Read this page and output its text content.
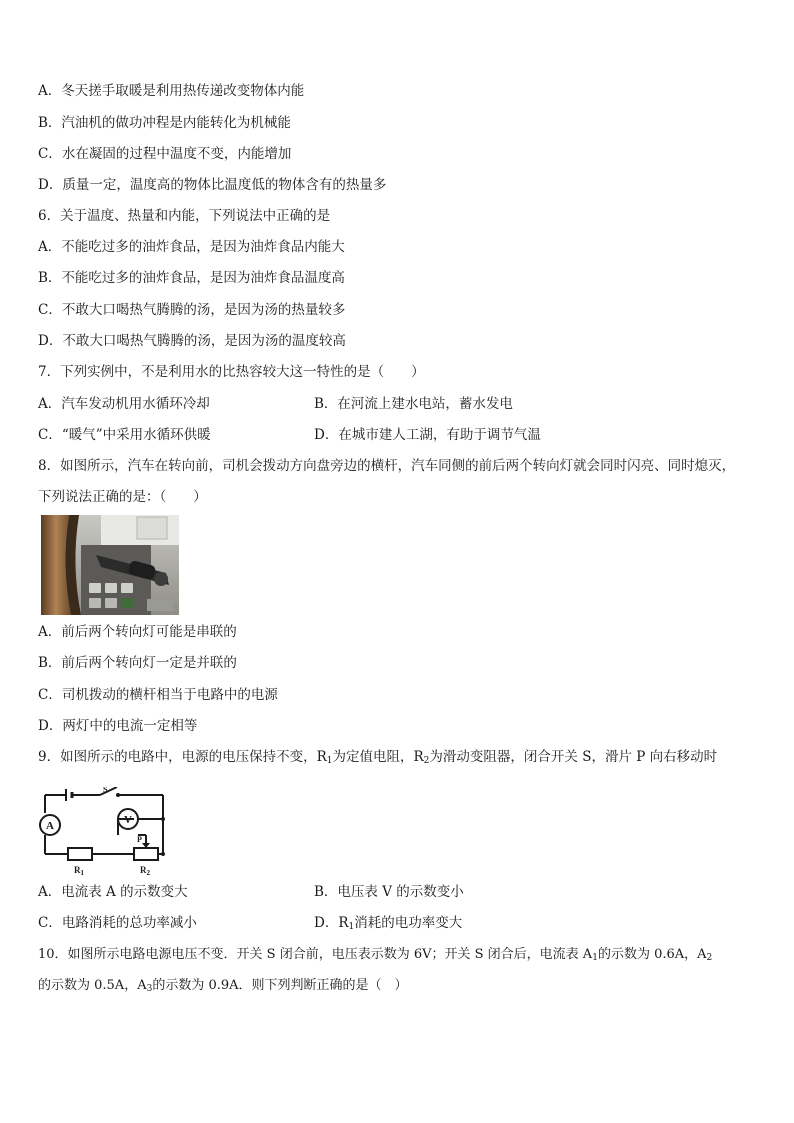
A．冬天搓手取暖是利用热传递改变物体内能
B．汽油机的做功冲程是内能转化为机械能
C．水在凝固的过程中温度不变，内能增加
D．质量一定，温度高的物体比温度低的物体含有的热量多
6．关于温度、热量和内能，下列说法中正确的是
A．不能吃过多的油炸食品，是因为油炸食品内能大
B．不能吃过多的油炸食品，是因为油炸食品温度高
C．不敢大口喝热气腾腾的汤，是因为汤的热量较多
D．不敢大口喝热气腾腾的汤，是因为汤的温度较高
7．下列实例中，不是利用水的比热容较大这一特性的是（　　）
A．汽车发动机用水循环冷却	B．在河流上建水电站，蓄水发电
C．“暖气”中采用水循环供暖	D．在城市建人工湖，有助于调节气温
8．如图所示，汽车在转向前，司机会拨动方向盘旁边的横杆，汽车同侧的前后两个转向灯就会同时闪亮、同时熄灭，
下列说法正确的是：（　　）
A．前后两个转向灯可能是串联的
B．前后两个转向灯一定是并联的
C．司机拨动的横杆相当于电路中的电源
D．两灯中的电流一定相等
9．如图所示的电路中，电源的电压保持不变，$R_1$为定值电阻，$R_2$为滑动变阻器，闭合开关 S，滑片 P 向右移动时
A	V
S
P
$R_1$	$R_2$
A．电流表 A 的示数变大	B．电压表 V 的示数变小
C．电路消耗的总功率减小	D．$R_1$消耗的电功率变大
10．如图所示电路电源电压不变．开关 S 闭合前，电压表示数为 6V；开关 S 闭合后，电流表 $A_1$的示数为 0.6A，$A_2$
的示数为 0.5A，$A_3$的示数为 0.9A．则下列判断正确的是（　）
